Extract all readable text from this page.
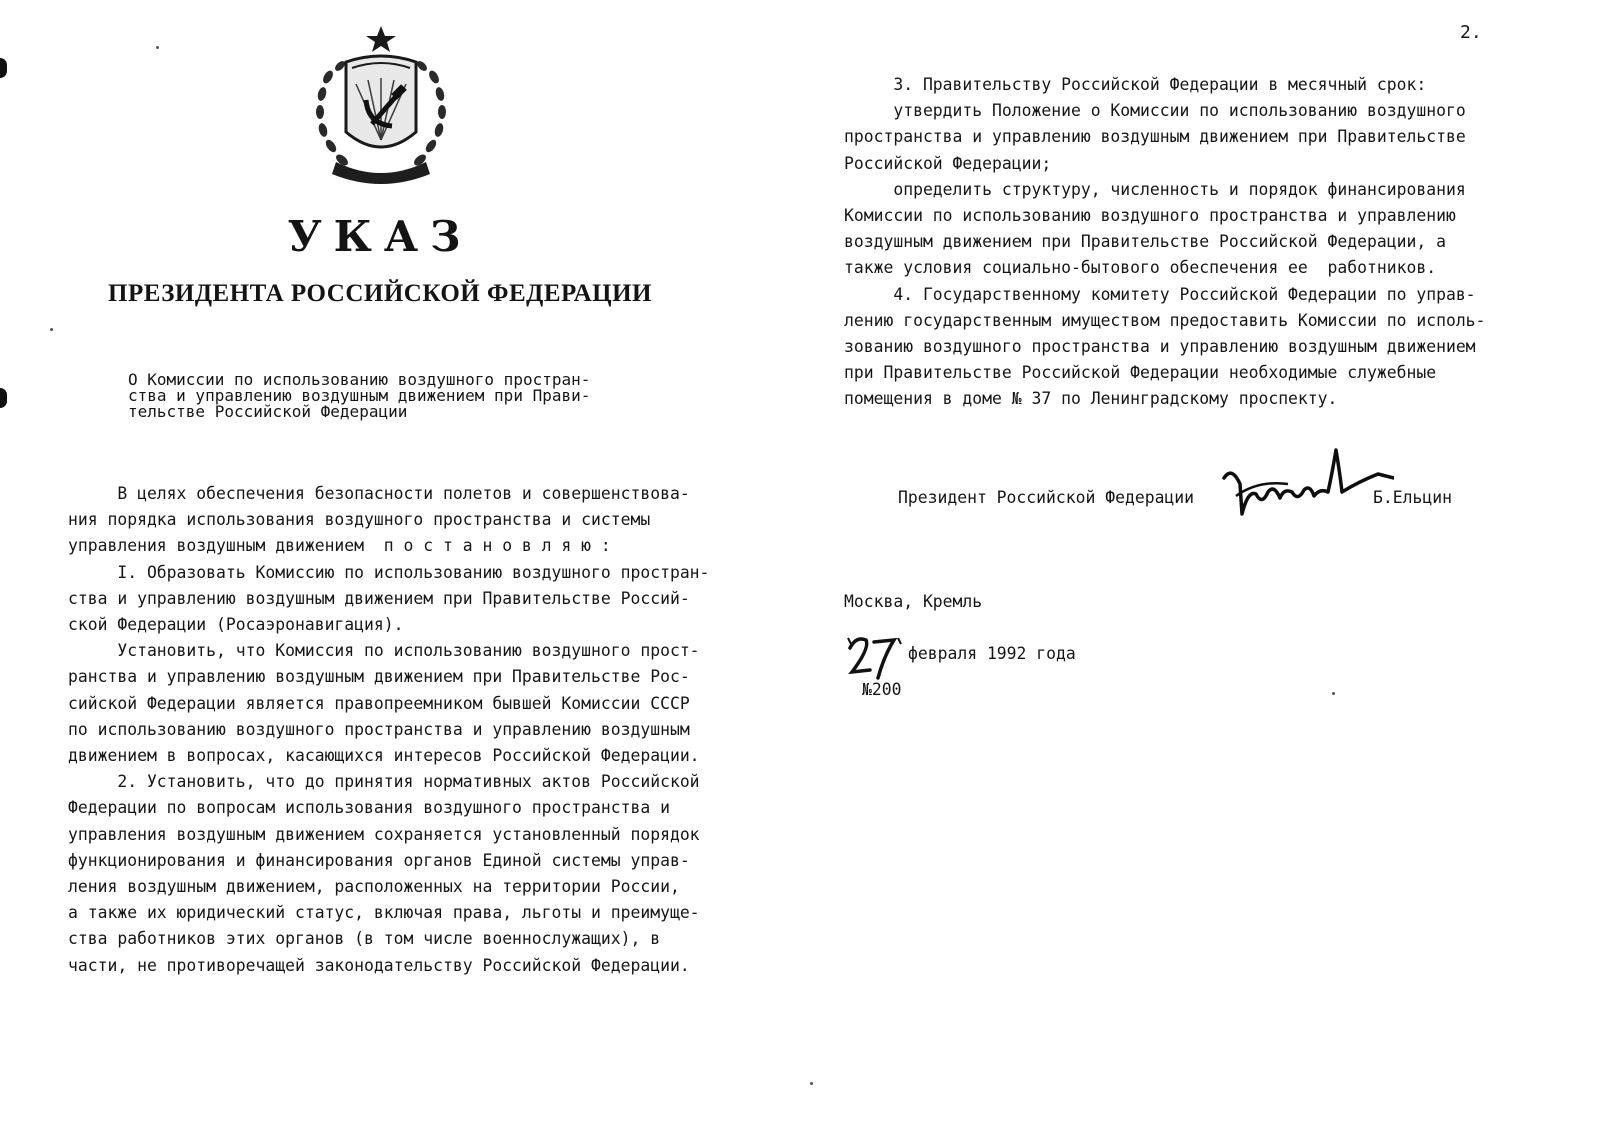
УКАЗ
ПРЕЗИДЕНТА РОССИЙСКОЙ ФЕДЕРАЦИИ

О Комиссии по использованию воздушного простран-
ства и управлению воздушным движением при Прави-
тельстве Российской Федерации

В целях обеспечения безопасности полетов и совершенствова-
ния порядка использования воздушного пространства и системы
управления воздушным движением  п о с т а н о в л я ю :
I. Образовать Комиссию по использованию воздушного простран-
ства и управлению воздушным движением при Правительстве Россий-
ской Федерации (Росаэронавигация).
Установить, что Комиссия по использованию воздушного прост-
ранства и управлению воздушным движением при Правительстве Рос-
сийской Федерации является правопреемником бывшей Комиссии СССР
по использованию воздушного пространства и управлению воздушным
движением в вопросах, касающихся интересов Российской Федерации.
2. Установить, что до принятия нормативных актов Российской
Федерации по вопросам использования воздушного пространства и
управления воздушным движением сохраняется установленный порядок
функционирования и финансирования органов Единой системы управ-
ления воздушным движением, расположенных на территории России,
а также их юридический статус, включая права, льготы и преимуще-
ства работников этих органов (в том числе военнослужащих), в
части, не противоречащей законодательству Российской Федерации.

2.

3. Правительству Российской Федерации в месячный срок:
утвердить Положение о Комиссии по использованию воздушного
пространства и управлению воздушным движением при Правительстве
Российской Федерации;
определить структуру, численность и порядок финансирования
Комиссии по использованию воздушного пространства и управлению
воздушным движением при Правительстве Российской Федерации, а
также условия социально-бытового обеспечения ее  работников.
4. Государственному комитету Российской Федерации по управ-
лению государственным имуществом предоставить Комиссии по исполь-
зованию воздушного пространства и управлению воздушным движением
при Правительстве Российской Федерации необходимые служебные
помещения в доме № 37 по Ленинградскому проспекту.

Президент Российской Федерации	Б.Ельцин

Москва, Кремль

февраля 1992 года

№200
